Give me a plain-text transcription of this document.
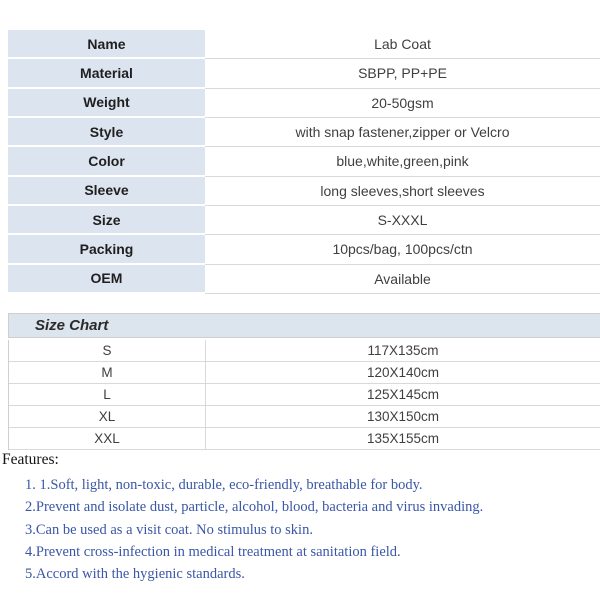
Name	Lab Coat
Material	SBPP, PP+PE
Weight	20-50gsm
Style	with snap fastener,zipper or Velcro
Color	blue,white,green,pink
Sleeve	long sleeves,short sleeves
Size	S-XXXL
Packing	10pcs/bag, 100pcs/ctn
OEM	Available
Size Chart
S	117X135cm
M	120X140cm
L	125X145cm
XL	130X150cm
XXL	135X155cm
Features:
1. 1.Soft, light, non-toxic, durable, eco-friendly, breathable for body.
2.Prevent and isolate dust, particle, alcohol, blood, bacteria and virus invading.
3.Can be used as a visit coat. No stimulus to skin.
4.Prevent cross-infection in medical treatment at sanitation field.
5.Accord with the hygienic standards.
